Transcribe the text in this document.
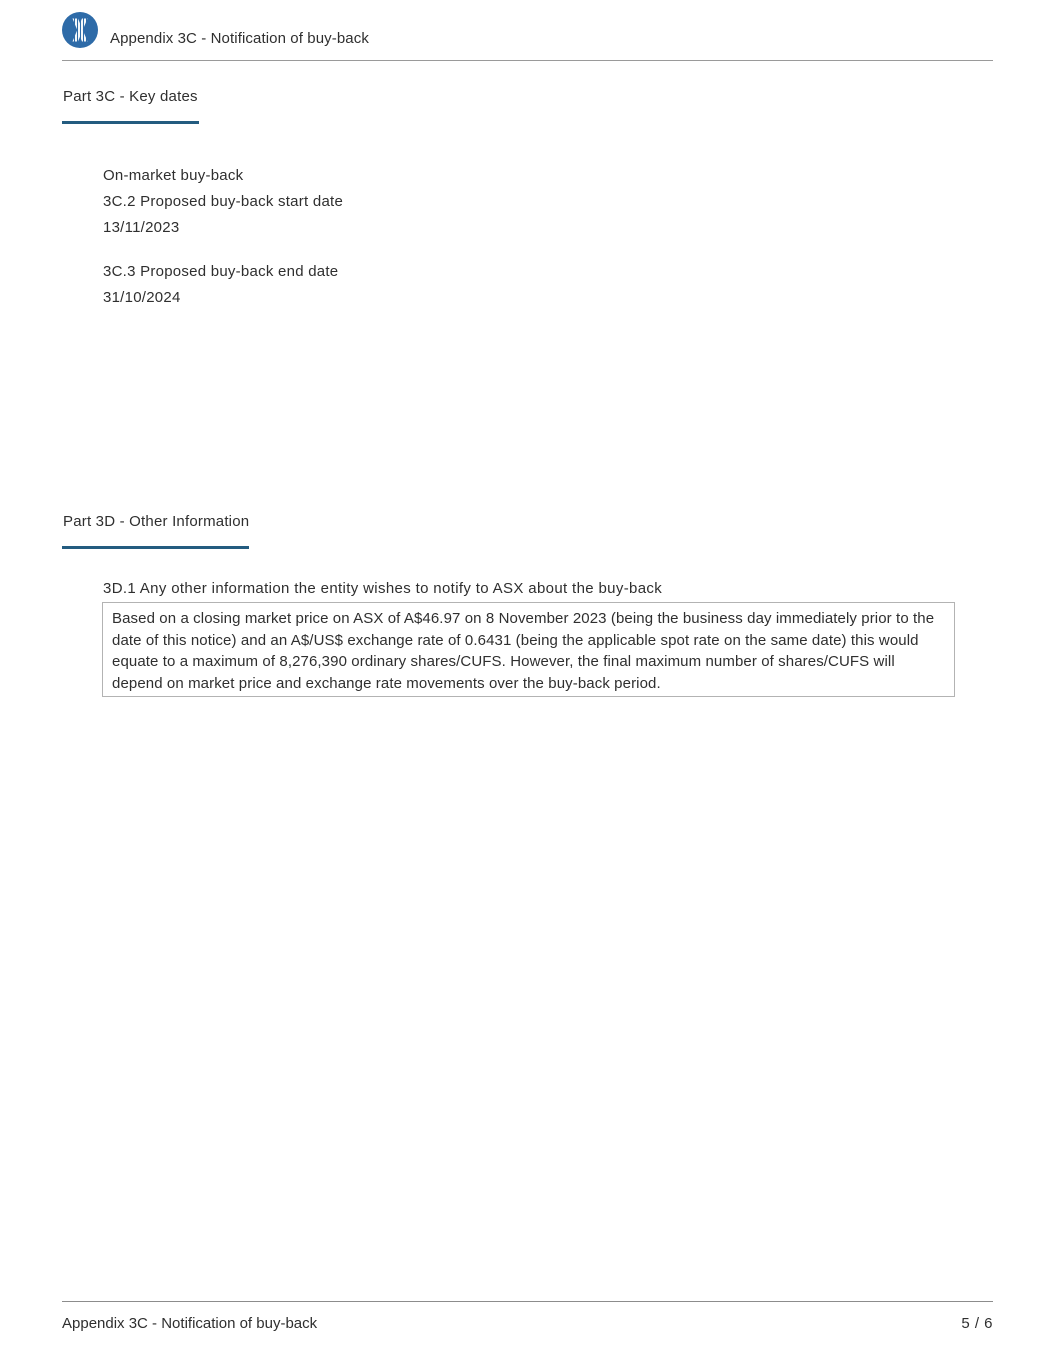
Appendix 3C - Notification of buy-back
Part 3C - Key dates
On-market buy-back
3C.2 Proposed buy-back start date
13/11/2023
3C.3 Proposed buy-back end date
31/10/2024
Part 3D - Other Information
3D.1 Any other information the entity wishes to notify to ASX about the buy-back
Based on a closing market price on ASX of A$46.97 on 8 November 2023 (being the business day immediately prior to the date of this notice) and an A$/US$ exchange rate of 0.6431 (being the applicable spot rate on the same date) this would equate to a maximum of 8,276,390 ordinary shares/CUFS. However, the final maximum number of shares/CUFS will depend on market price and exchange rate movements over the buy-back period.
Appendix 3C - Notification of buy-back	5 / 6
